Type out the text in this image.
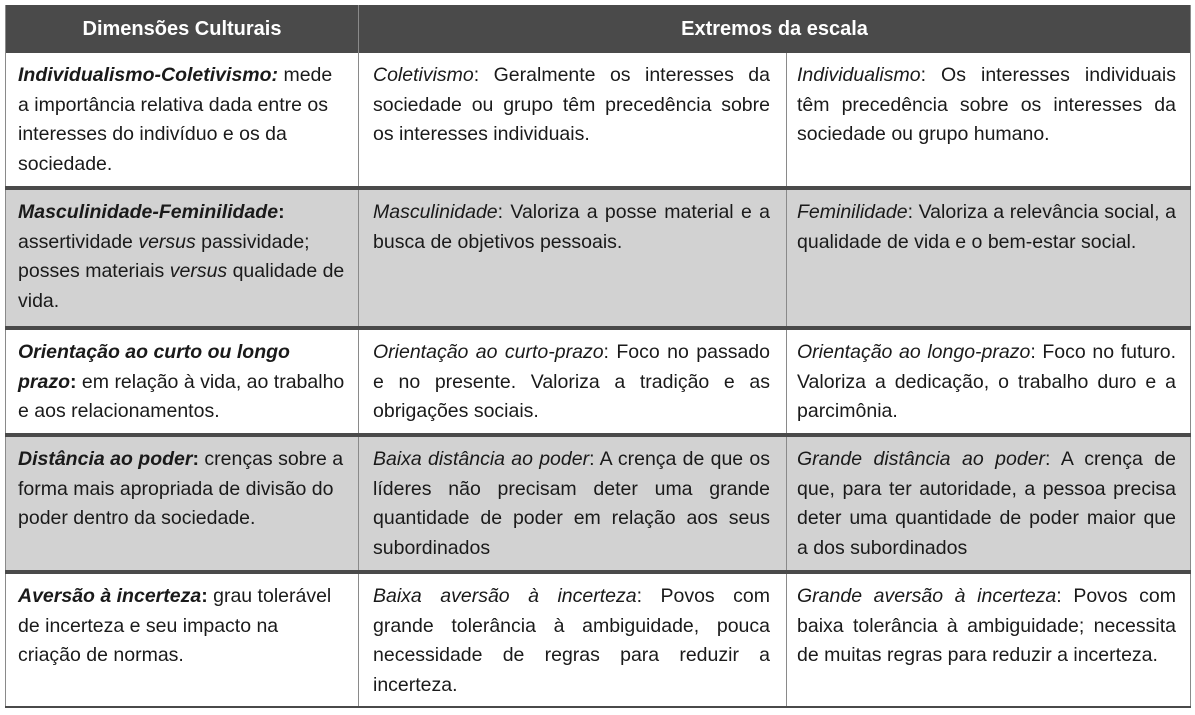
Dimensões Culturais	Extremos da escala	
Individualismo-Coletivismo: mede a importância relativa dada entre os interesses do indivíduo e os da sociedade.	Coletivismo: Geralmente os interesses da sociedade ou grupo têm precedência sobre os interesses individuais.	Individualismo: Os interesses individuais têm precedência sobre os interesses da sociedade ou grupo humano.
Masculinidade-Feminilidade: assertividade versus passividade; posses materiais versus qualidade de vida.	Masculinidade: Valoriza a posse material e a busca de objetivos pessoais.	Feminilidade: Valoriza a relevância social, a qualidade de vida e o bem-estar social.
Orientação ao curto ou longo prazo: em relação à vida, ao trabalho e aos relacionamentos.	Orientação ao curto-prazo: Foco no passado e no presente. Valoriza a tradição e as obrigações sociais.	Orientação ao longo-prazo: Foco no futuro. Valoriza a dedicação, o trabalho duro e a parcimônia.
Distância ao poder: crenças sobre a forma mais apropriada de divisão do poder dentro da sociedade.	Baixa distância ao poder: A crença de que os líderes não precisam deter uma grande quantidade de poder em relação aos seus subordinados	Grande distância ao poder: A crença de que, para ter autoridade, a pessoa precisa deter uma quantidade de poder maior que a dos subordinados
Aversão à incerteza: grau tolerável de incerteza e seu impacto na criação de normas.	Baixa aversão à incerteza: Povos com grande tolerância à ambiguidade, pouca necessidade de regras para reduzir a incerteza.	Grande aversão à incerteza: Povos com baixa tolerância à ambiguidade; necessita de muitas regras para reduzir a incerteza.
